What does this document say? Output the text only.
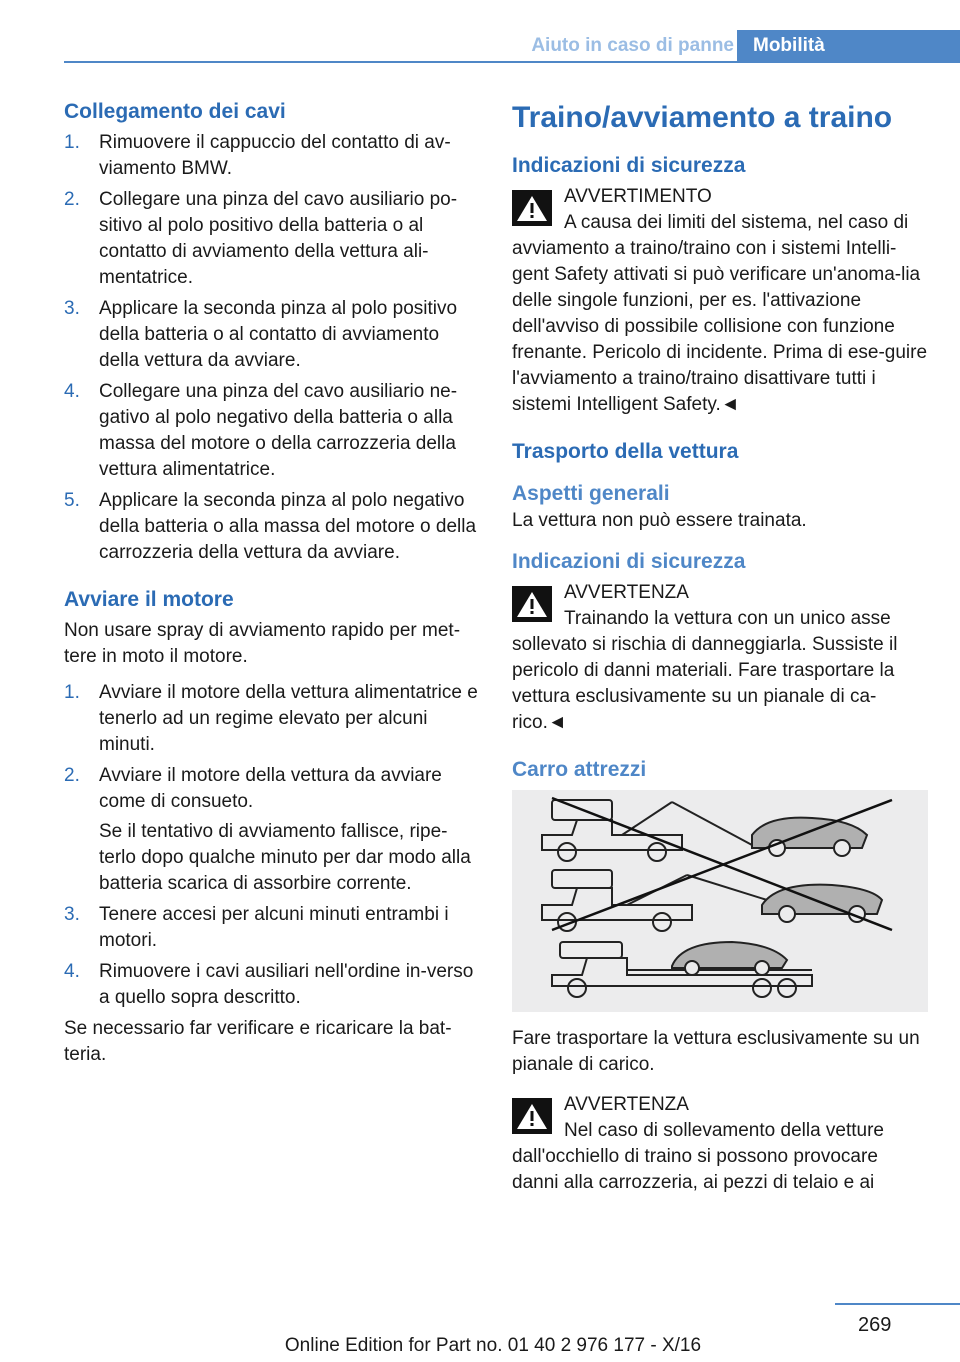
Aiuto in caso di panne	Mobilità
Collegamento dei cavi
1. Rimuovere il cappuccio del contatto di av-viamento BMW.
2. Collegare una pinza del cavo ausiliario po-sitivo al polo positivo della batteria o al contatto di avviamento della vettura ali-mentatrice.
3. Applicare la seconda pinza al polo positivo della batteria o al contatto di avviamento della vettura da avviare.
4. Collegare una pinza del cavo ausiliario ne-gativo al polo negativo della batteria o alla massa del motore o della carrozzeria della vettura alimentatrice.
5. Applicare la seconda pinza al polo negativo della batteria o alla massa del motore o della carrozzeria della vettura da avviare.
Avviare il motore

Non usare spray di avviamento rapido per met-tere in moto il motore.

1. Avviare il motore della vettura alimentatrice e tenerlo ad un regime elevato per alcuni minuti.
2. Avviare il motore della vettura da avviare come di consueto.
Se il tentativo di avviamento fallisce, ripe-terlo dopo qualche minuto per dar modo alla batteria scarica di assorbire corrente.
3. Tenere accesi per alcuni minuti entrambi i motori.
4. Rimuovere i cavi ausiliari nell'ordine in-verso a quello sopra descritto.

Se necessario far verificare e ricaricare la bat-teria.

Traino/avviamento a traino
Indicazioni di sicurezza
AVVERTIMENTO

A causa dei limiti del sistema, nel caso di avviamento a traino/traino con i sistemi Intelli-gent Safety attivati si può verificare un'anoma-lia delle singole funzioni, per es. l'attivazione dell'avviso di possibile collisione con funzione frenante. Pericolo di incidente. Prima di ese-guire l'avviamento a traino/traino disattivare tutti i sistemi Intelligent Safety.◄

Trasporto della vettura
Aspetti generali

La vettura non può essere trainata.

Indicazioni di sicurezza
AVVERTENZA

Trainando la vettura con un unico asse sollevato si rischia di danneggiarla. Sussiste il pericolo di danni materiali. Fare trasportare la vettura esclusivamente su un pianale di ca-rico.◄

Carro attrezzi

Fare trasportare la vettura esclusivamente su un pianale di carico.

AVVERTENZA

Nel caso di sollevamento della vetture dall'occhiello di traino si possono provocare danni alla carrozzeria, ai pezzi di telaio e ai

269
Online Edition for Part no. 01 40 2 976 177 - X/16
